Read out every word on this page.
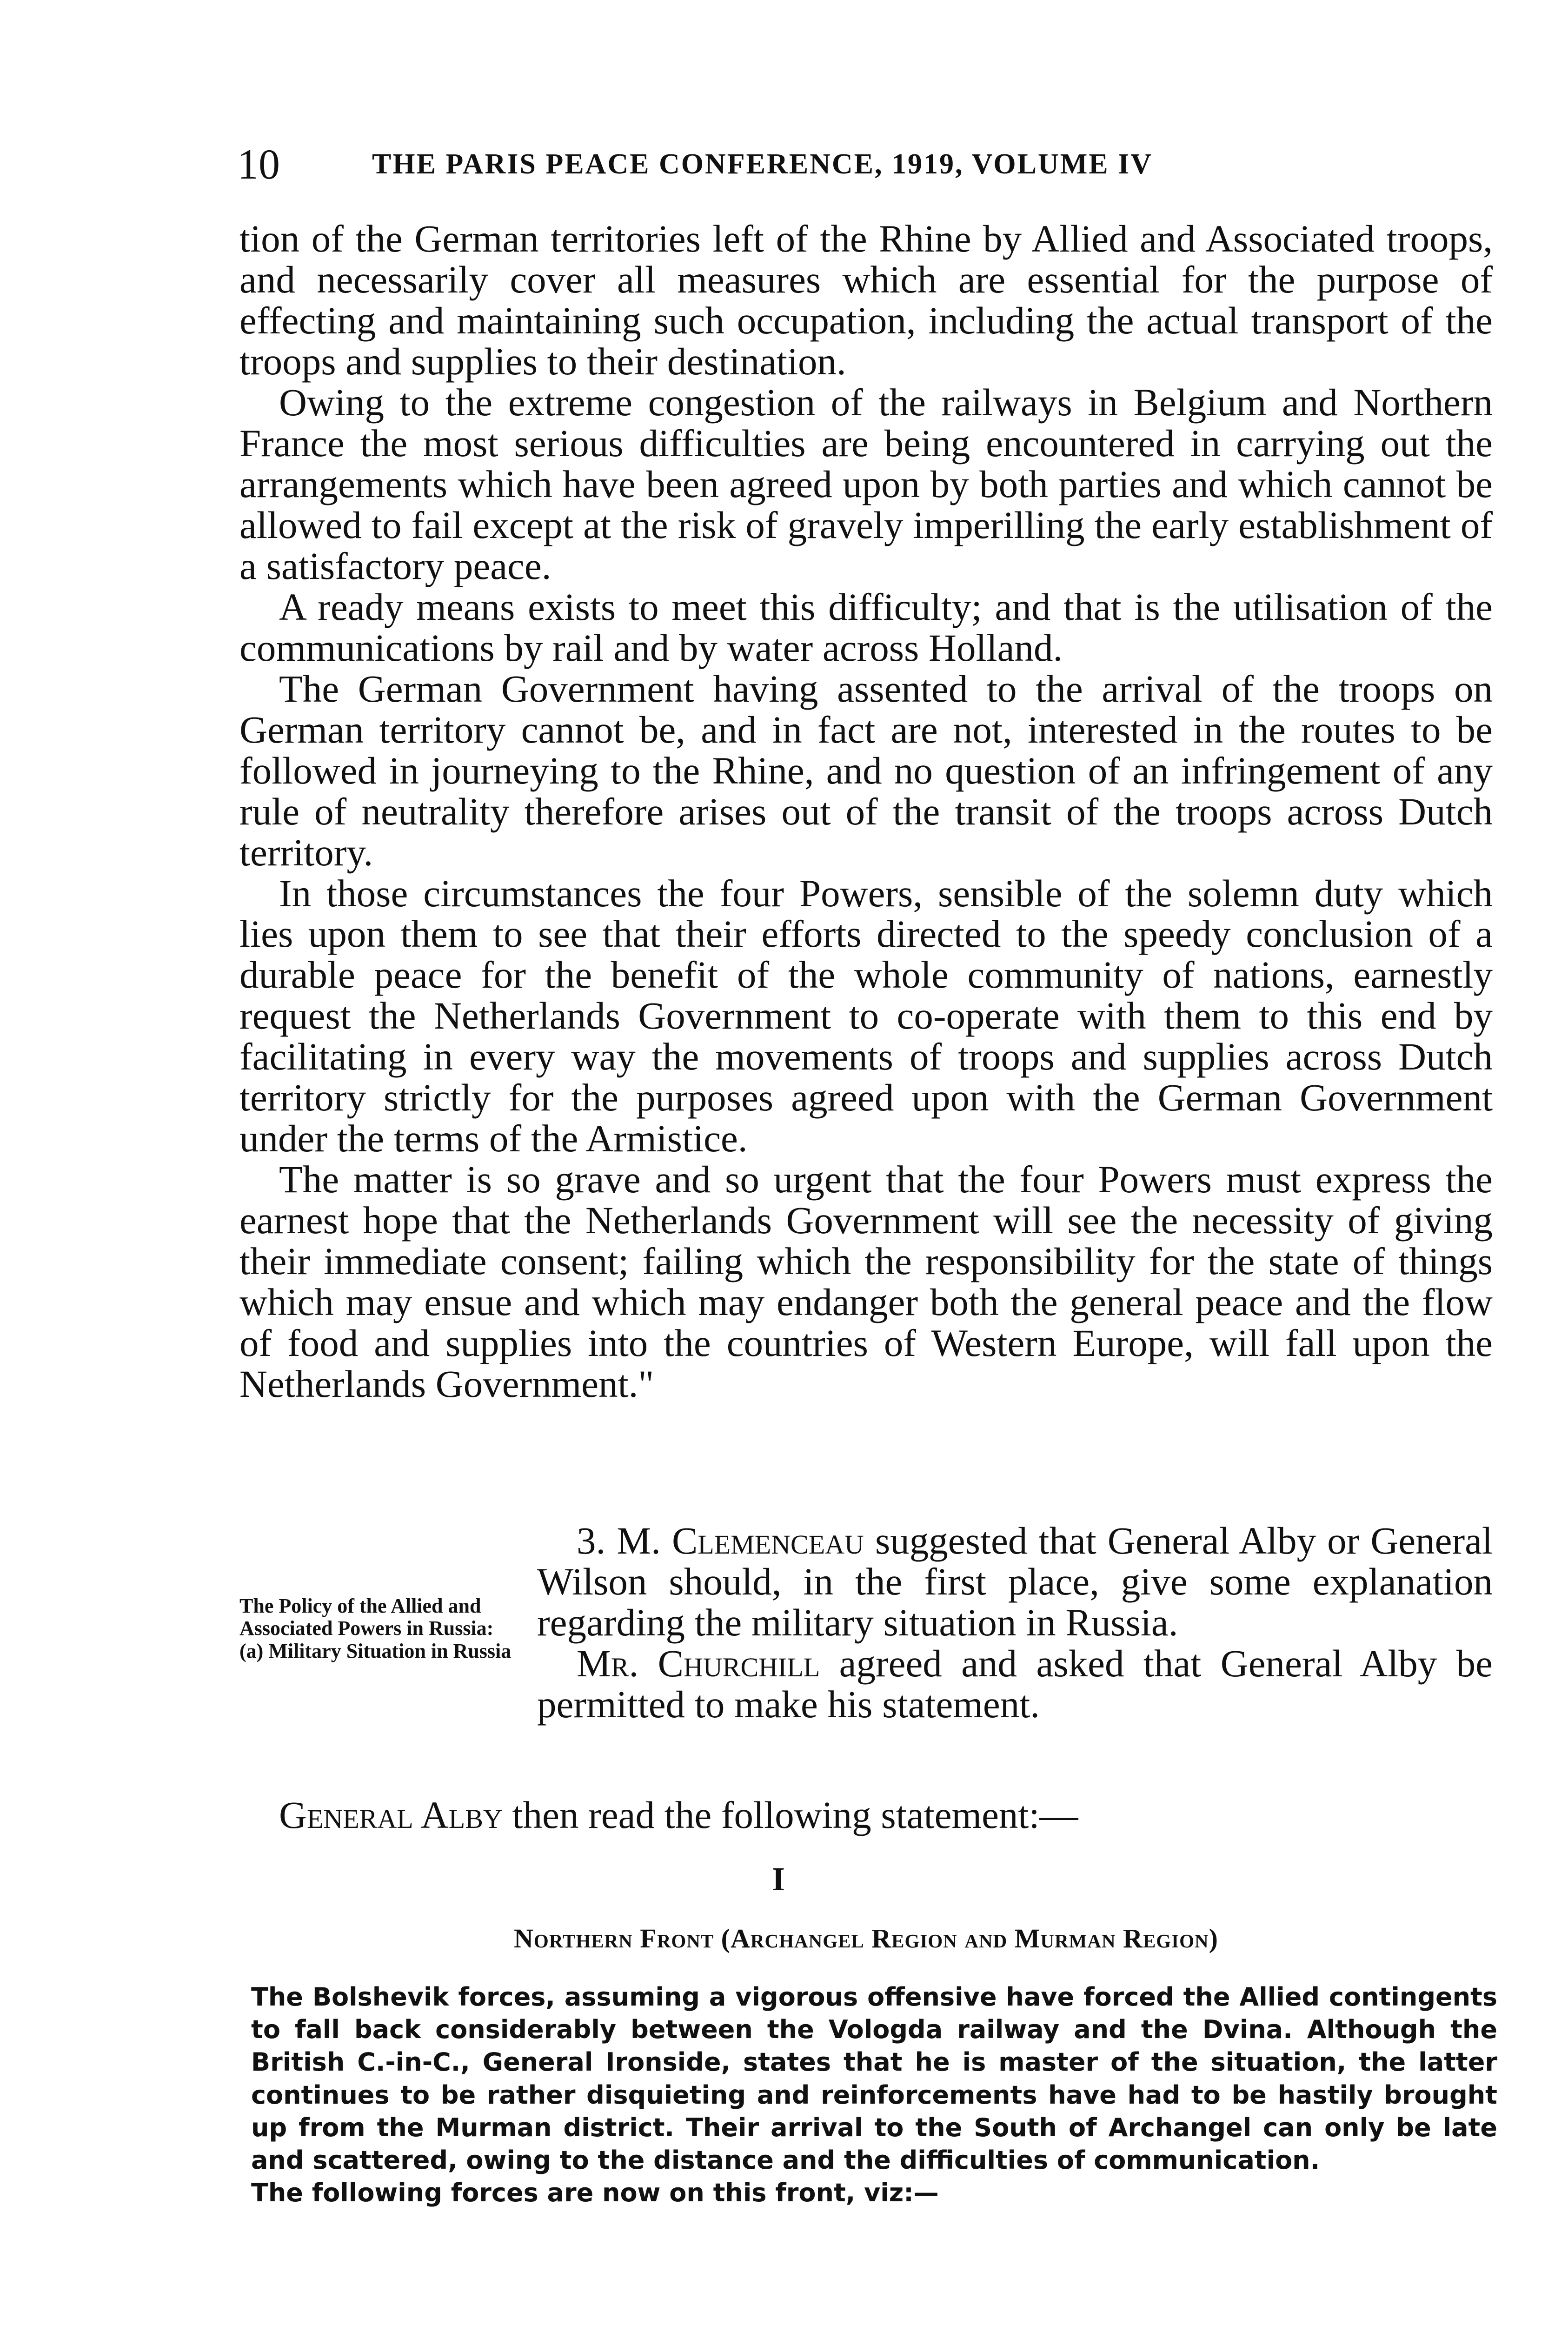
10	THE PARIS PEACE CONFERENCE, 1919, VOLUME IV

tion of the German territories left of the Rhine by Allied and Associated troops, and necessarily cover all measures which are essential for the purpose of effecting and maintaining such occupation, including the actual transport of the troops and supplies to their destination.

Owing to the extreme congestion of the railways in Belgium and Northern France the most serious difficulties are being encountered in carrying out the arrangements which have been agreed upon by both parties and which cannot be allowed to fail except at the risk of gravely imperilling the early establishment of a satisfactory peace.

A ready means exists to meet this difficulty; and that is the utilisation of the communications by rail and by water across Holland.

The German Government having assented to the arrival of the troops on German territory cannot be, and in fact are not, interested in the routes to be followed in journeying to the Rhine, and no question of an infringement of any rule of neutrality therefore arises out of the transit of the troops across Dutch territory.

In those circumstances the four Powers, sensible of the solemn duty which lies upon them to see that their efforts directed to the speedy conclusion of a durable peace for the benefit of the whole community of nations, earnestly request the Netherlands Government to co-operate with them to this end by facilitating in every way the movements of troops and supplies across Dutch territory strictly for the purposes agreed upon with the German Government under the terms of the Armistice.

The matter is so grave and so urgent that the four Powers must express the earnest hope that the Netherlands Government will see the necessity of giving their immediate consent; failing which the responsibility for the state of things which may ensue and which may endanger both the general peace and the flow of food and supplies into the countries of Western Europe, will fall upon the Netherlands Government."

The Policy of the Allied and Associated Powers in Russia: (a) Military Situation in Russia

3. M. Clemenceau suggested that General Alby or General Wilson should, in the first place, give some explanation regarding the military situation in Russia.

Mr. Churchill agreed and asked that General Alby be permitted to make his statement.

General Alby then read the following statement:—
I
Northern Front (Archangel Region and Murman Region)

The Bolshevik forces, assuming a vigorous offensive have forced the Allied contingents to fall back considerably between the Vologda railway and the Dvina. Although the British C.-in-C., General Ironside, states that he is master of the situation, the latter continues to be rather disquieting and reinforcements have had to be hastily brought up from the Murman district. Their arrival to the South of Archangel can only be late and scattered, owing to the distance and the difficulties of communication.

The following forces are now on this front, viz:—
